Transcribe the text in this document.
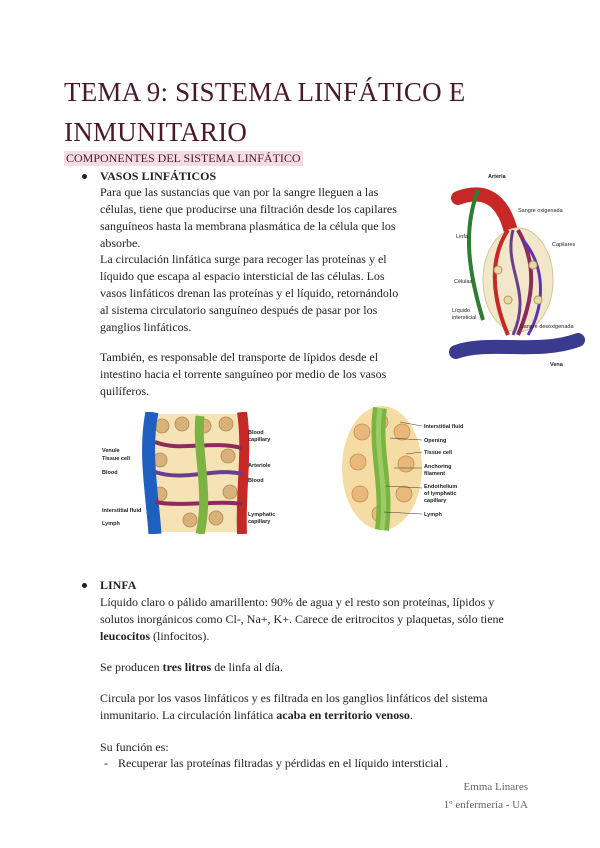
TEMA 9: SISTEMA LINFÁTICO E INMUNITARIO
COMPONENTES DEL SISTEMA LINFÁTICO
VASOS LINFÁTICOS
Para que las sustancias que van por la sangre lleguen a las células, tiene que producirse una filtración desde los capilares sanguíneos hasta la membrana plasmática de la célula que los absorbe.
La circulación linfática surge para recoger las proteínas y el líquido que escapa al espacio intersticial de las células. Los vasos linfáticos drenan las proteínas y el líquido, retornándolo al sistema circulatorio sanguíneo después de pasar por los ganglios linfáticos.
También, es responsable del transporte de lípidos desde el intestino hacia el torrente sanguíneo por medio de los vasos quilíferos.
Arteria
Sangre oxigenada
Linfa
Capilares
Células
Líquido
intersticial
Sangre desoxigenada
Vena
Venule
Tissue cell
Blood
Interstitial fluid
Lymph
Blood
capillary
Arteriole
Blood
Lymphatic
capillary
Interstitial fluid
Opening
Tissue cell
Anchoring
filament
Endothelium
of lymphatic
capillary
Lymph
LINFA
Líquido claro o pálido amarillento: 90% de agua y el resto son proteínas, lípidos y solutos inorgánicos como Cl-, Na+, K+. Carece de eritrocitos y plaquetas, sólo tiene leucocitos (linfocitos).
Se producen tres litros de linfa al día.
Circula por los vasos linfáticos y es filtrada en los ganglios linfáticos del sistema inmunitario. La circulación linfática acaba en territorio venoso.
Su función es:
- Recuperar las proteínas filtradas y pérdidas en el líquido intersticial .
Emma Linares
1º enfermería - UA
